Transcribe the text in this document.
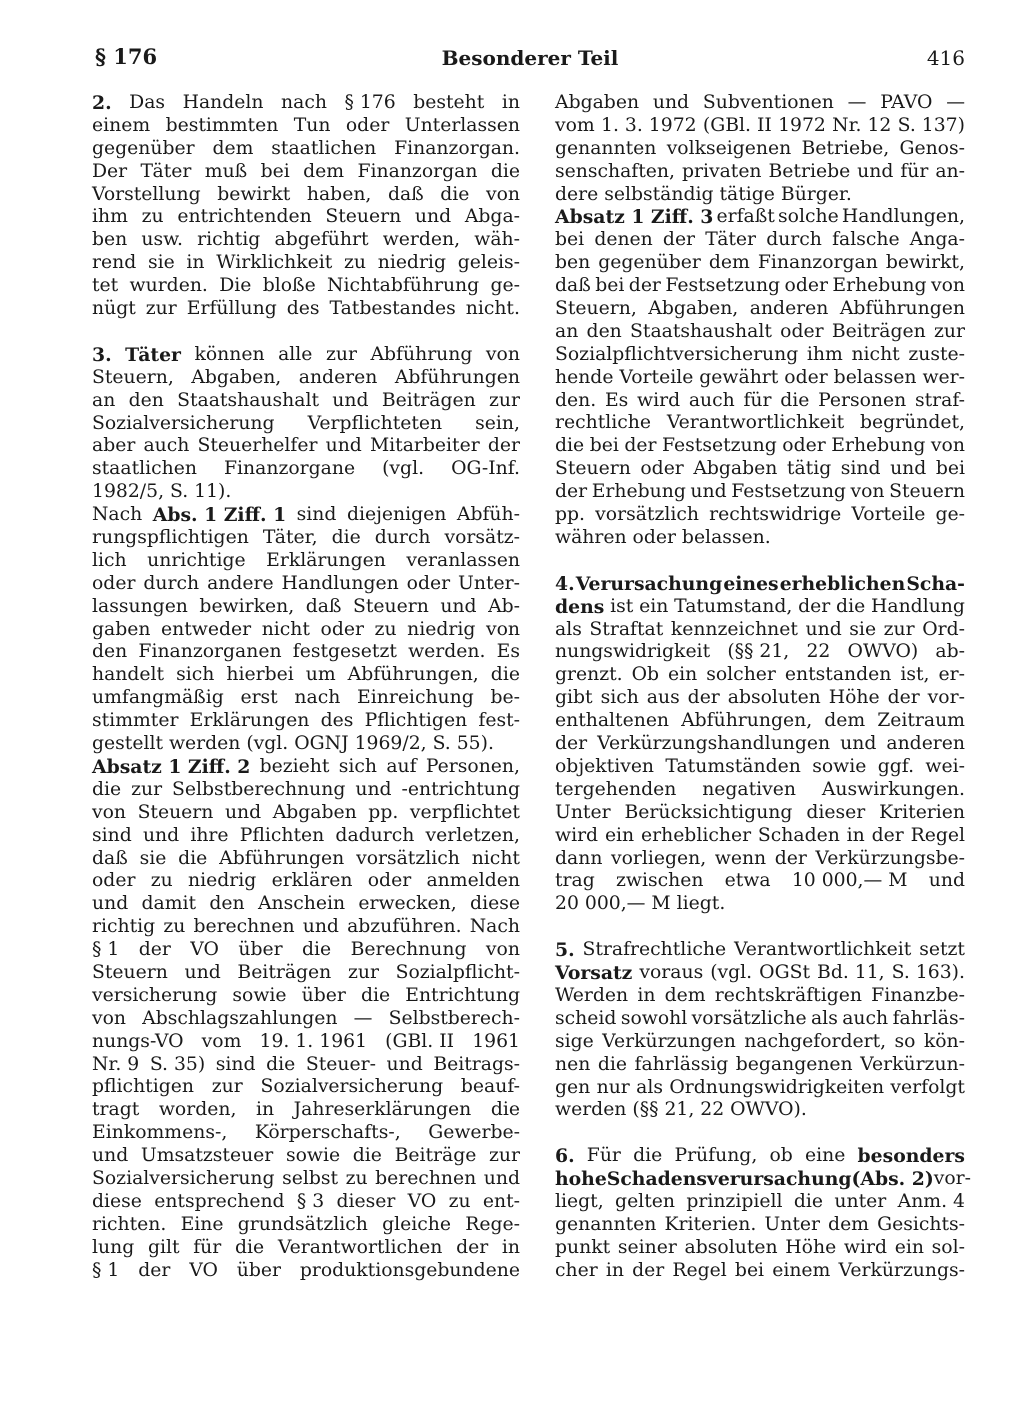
§ 176	Besonderer Teil	416
2. Das Handeln nach § 176 besteht in
einem bestimmten Tun oder Unterlassen
gegenüber dem staatlichen Finanzorgan.
Der Täter muß bei dem Finanzorgan die
Vorstellung bewirkt haben, daß die von
ihm zu entrichtenden Steuern und Abga-
ben usw. richtig abgeführt werden, wäh-
rend sie in Wirklichkeit zu niedrig geleis-
tet wurden. Die bloße Nichtabführung ge-
nügt zur Erfüllung des Tatbestandes nicht.
3. Täter können alle zur Abführung von
Steuern, Abgaben, anderen Abführungen
an den Staatshaushalt und Beiträgen zur
Sozialversicherung Verpflichteten sein,
aber auch Steuerhelfer und Mitarbeiter der
staatlichen Finanzorgane (vgl. OG-Inf.
1982/5, S. 11).
Nach Abs. 1 Ziff. 1 sind diejenigen Abfüh-
rungspflichtigen Täter, die durch vorsätz-
lich unrichtige Erklärungen veranlassen
oder durch andere Handlungen oder Unter-
lassungen bewirken, daß Steuern und Ab-
gaben entweder nicht oder zu niedrig von
den Finanzorganen festgesetzt werden. Es
handelt sich hierbei um Abführungen, die
umfangmäßig erst nach Einreichung be-
stimmter Erklärungen des Pflichtigen fest-
gestellt werden (vgl. OGNJ 1969/2, S. 55).
Absatz 1 Ziff. 2 bezieht sich auf Personen,
die zur Selbstberechnung und -entrichtung
von Steuern und Abgaben pp. verpflichtet
sind und ihre Pflichten dadurch verletzen,
daß sie die Abführungen vorsätzlich nicht
oder zu niedrig erklären oder anmelden
und damit den Anschein erwecken, diese
richtig zu berechnen und abzuführen. Nach
§ 1 der VO über die Berechnung von
Steuern und Beiträgen zur Sozialpflicht-
versicherung sowie über die Entrichtung
von Abschlagszahlungen — Selbstberech-
nungs-VO vom 19. 1. 1961 (GBl. II 1961
Nr. 9 S. 35) sind die Steuer- und Beitrags-
pflichtigen zur Sozialversicherung beauf-
tragt worden, in Jahreserklärungen die
Einkommens-, Körperschafts-, Gewerbe-
und Umsatzsteuer sowie die Beiträge zur
Sozialversicherung selbst zu berechnen und
diese entsprechend § 3 dieser VO zu ent-
richten. Eine grundsätzlich gleiche Rege-
lung gilt für die Verantwortlichen der in
§ 1 der VO über produktionsgebundene
Abgaben und Subventionen — PAVO —
vom 1. 3. 1972 (GBl. II 1972 Nr. 12 S. 137)
genannten volkseigenen Betriebe, Genos-
senschaften, privaten Betriebe und für an-
dere selbständig tätige Bürger.
Absatz 1 Ziff. 3 erfaßt solche Handlungen,
bei denen der Täter durch falsche Anga-
ben gegenüber dem Finanzorgan bewirkt,
daß bei der Festsetzung oder Erhebung von
Steuern, Abgaben, anderen Abführungen
an den Staatshaushalt oder Beiträgen zur
Sozialpflichtversicherung ihm nicht zuste-
hende Vorteile gewährt oder belassen wer-
den. Es wird auch für die Personen straf-
rechtliche Verantwortlichkeit begründet,
die bei der Festsetzung oder Erhebung von
Steuern oder Abgaben tätig sind und bei
der Erhebung und Festsetzung von Steuern
pp. vorsätzlich rechtswidrige Vorteile ge-
währen oder belassen.
4. Verursachung eines erheblichen Scha-
dens ist ein Tatumstand, der die Handlung
als Straftat kennzeichnet und sie zur Ord-
nungswidrigkeit (§§ 21, 22 OWVO) ab-
grenzt. Ob ein solcher entstanden ist, er-
gibt sich aus der absoluten Höhe der vor-
enthaltenen Abführungen, dem Zeitraum
der Verkürzungshandlungen und anderen
objektiven Tatumständen sowie ggf. wei-
tergehenden negativen Auswirkungen.
Unter Berücksichtigung dieser Kriterien
wird ein erheblicher Schaden in der Regel
dann vorliegen, wenn der Verkürzungsbe-
trag zwischen etwa 10 000,— M und
20 000,— M liegt.
5. Strafrechtliche Verantwortlichkeit setzt
Vorsatz voraus (vgl. OGSt Bd. 11, S. 163).
Werden in dem rechtskräftigen Finanzbe-
scheid sowohl vorsätzliche als auch fahrläs-
sige Verkürzungen nachgefordert, so kön-
nen die fahrlässig begangenen Verkürzun-
gen nur als Ordnungswidrigkeiten verfolgt
werden (§§ 21, 22 OWVO).
6. Für die Prüfung, ob eine besonders
hohe Schadensverursachung (Abs. 2) vor-
liegt, gelten prinzipiell die unter Anm. 4
genannten Kriterien. Unter dem Gesichts-
punkt seiner absoluten Höhe wird ein sol-
cher in der Regel bei einem Verkürzungs-
